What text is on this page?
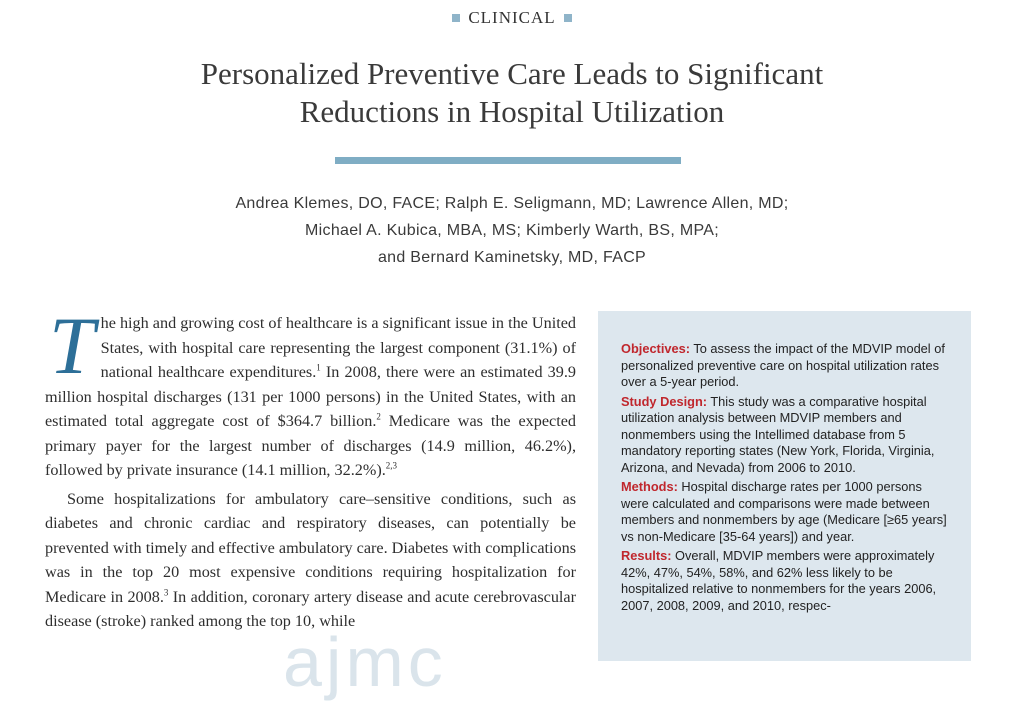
CLINICAL
Personalized Preventive Care Leads to Significant
Reductions in Hospital Utilization
Andrea Klemes, DO, FACE; Ralph E. Seligmann, MD; Lawrence Allen, MD;
Michael A. Kubica, MBA, MS; Kimberly Warth, BS, MPA;
and Bernard Kaminetsky, MD, FACP

The high and growing cost of healthcare is a significant issue in the United States, with hospital care representing the largest component (31.1%) of national healthcare expenditures.$^1$ In 2008, there were an estimated 39.9 million hospital discharges (131 per 1000 persons) in the United States, with an estimated total aggregate cost of $364.7 billion.$^2$ Medicare was the expected primary payer for the largest number of discharges (14.9 million, 46.2%), followed by private insurance (14.1 million, 32.2%).$^{2,3}$

Some hospitalizations for ambulatory care–sensitive conditions, such as diabetes and chronic cardiac and respiratory diseases, can potentially be prevented with timely and effective ambulatory care. Diabetes with complications was in the top 20 most expensive conditions requiring hospitalization for Medicare in 2008.$^3$ In addition, coronary artery disease and acute cerebrovascular disease (stroke) ranked among the top 10, while

ajmc

Objectives: To assess the impact of the MDVIP model of personalized preventive care on hospital utilization rates over a 5-year period.

Study Design: This study was a comparative hospital utilization analysis between MDVIP members and nonmembers using the Intellimed database from 5 mandatory reporting states (New York, Florida, Virginia, Arizona, and Nevada) from 2006 to 2010.

Methods: Hospital discharge rates per 1000 persons were calculated and comparisons were made between members and nonmembers by age (Medicare [≥65 years] vs non-Medicare [35-64 years]) and year.

Results: Overall, MDVIP members were approximately 42%, 47%, 54%, 58%, and 62% less likely to be hospitalized relative to nonmembers for the years 2006, 2007, 2008, 2009, and 2010, respec-
